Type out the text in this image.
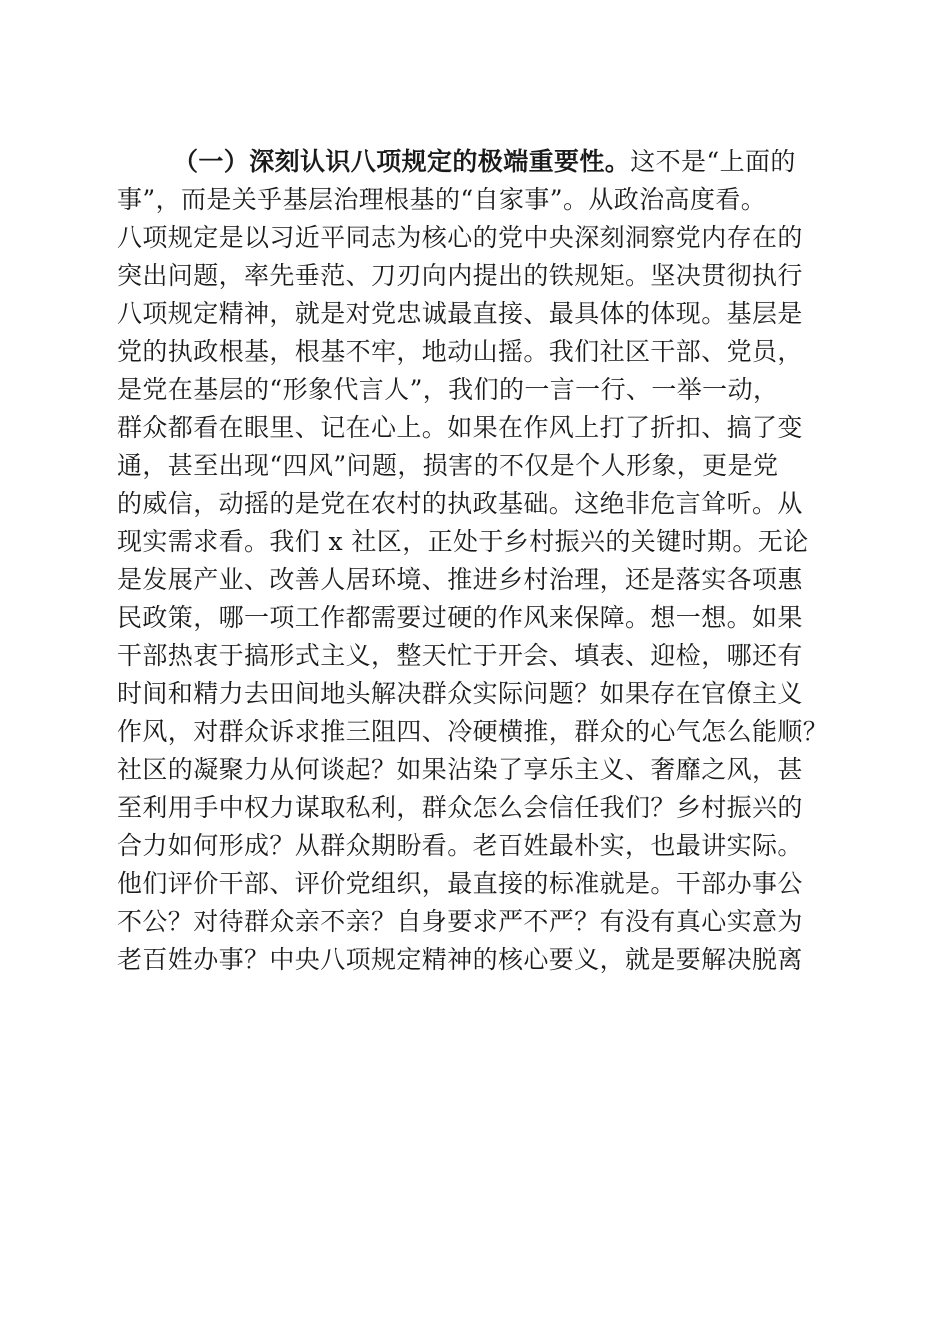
（一）深刻认识八项规定的极端重要性。这不是“上面的
事”，而是关乎基层治理根基的“自家事”。从政治高度看。
八项规定是以习近平同志为核心的党中央深刻洞察党内存在的
突出问题，率先垂范、刀刃向内提出的铁规矩。坚决贯彻执行
八项规定精神，就是对党忠诚最直接、最具体的体现。基层是
党的执政根基，根基不牢，地动山摇。我们社区干部、党员，
是党在基层的“形象代言人”，我们的一言一行、一举一动，
群众都看在眼里、记在心上。如果在作风上打了折扣、搞了变
通，甚至出现“四风”问题，损害的不仅是个人形象，更是党
的威信，动摇的是党在农村的执政基础。这绝非危言耸听。从
现实需求看。我们 x 社区，正处于乡村振兴的关键时期。无论
是发展产业、改善人居环境、推进乡村治理，还是落实各项惠
民政策，哪一项工作都需要过硬的作风来保障。想一想。如果
干部热衷于搞形式主义，整天忙于开会、填表、迎检，哪还有
时间和精力去田间地头解决群众实际问题？如果存在官僚主义
作风，对群众诉求推三阻四、冷硬横推，群众的心气怎么能顺？
社区的凝聚力从何谈起？如果沾染了享乐主义、奢靡之风，甚
至利用手中权力谋取私利，群众怎么会信任我们？乡村振兴的
合力如何形成？从群众期盼看。老百姓最朴实，也最讲实际。
他们评价干部、评价党组织，最直接的标准就是。干部办事公
不公？对待群众亲不亲？自身要求严不严？有没有真心实意为
老百姓办事？中央八项规定精神的核心要义，就是要解决脱离
